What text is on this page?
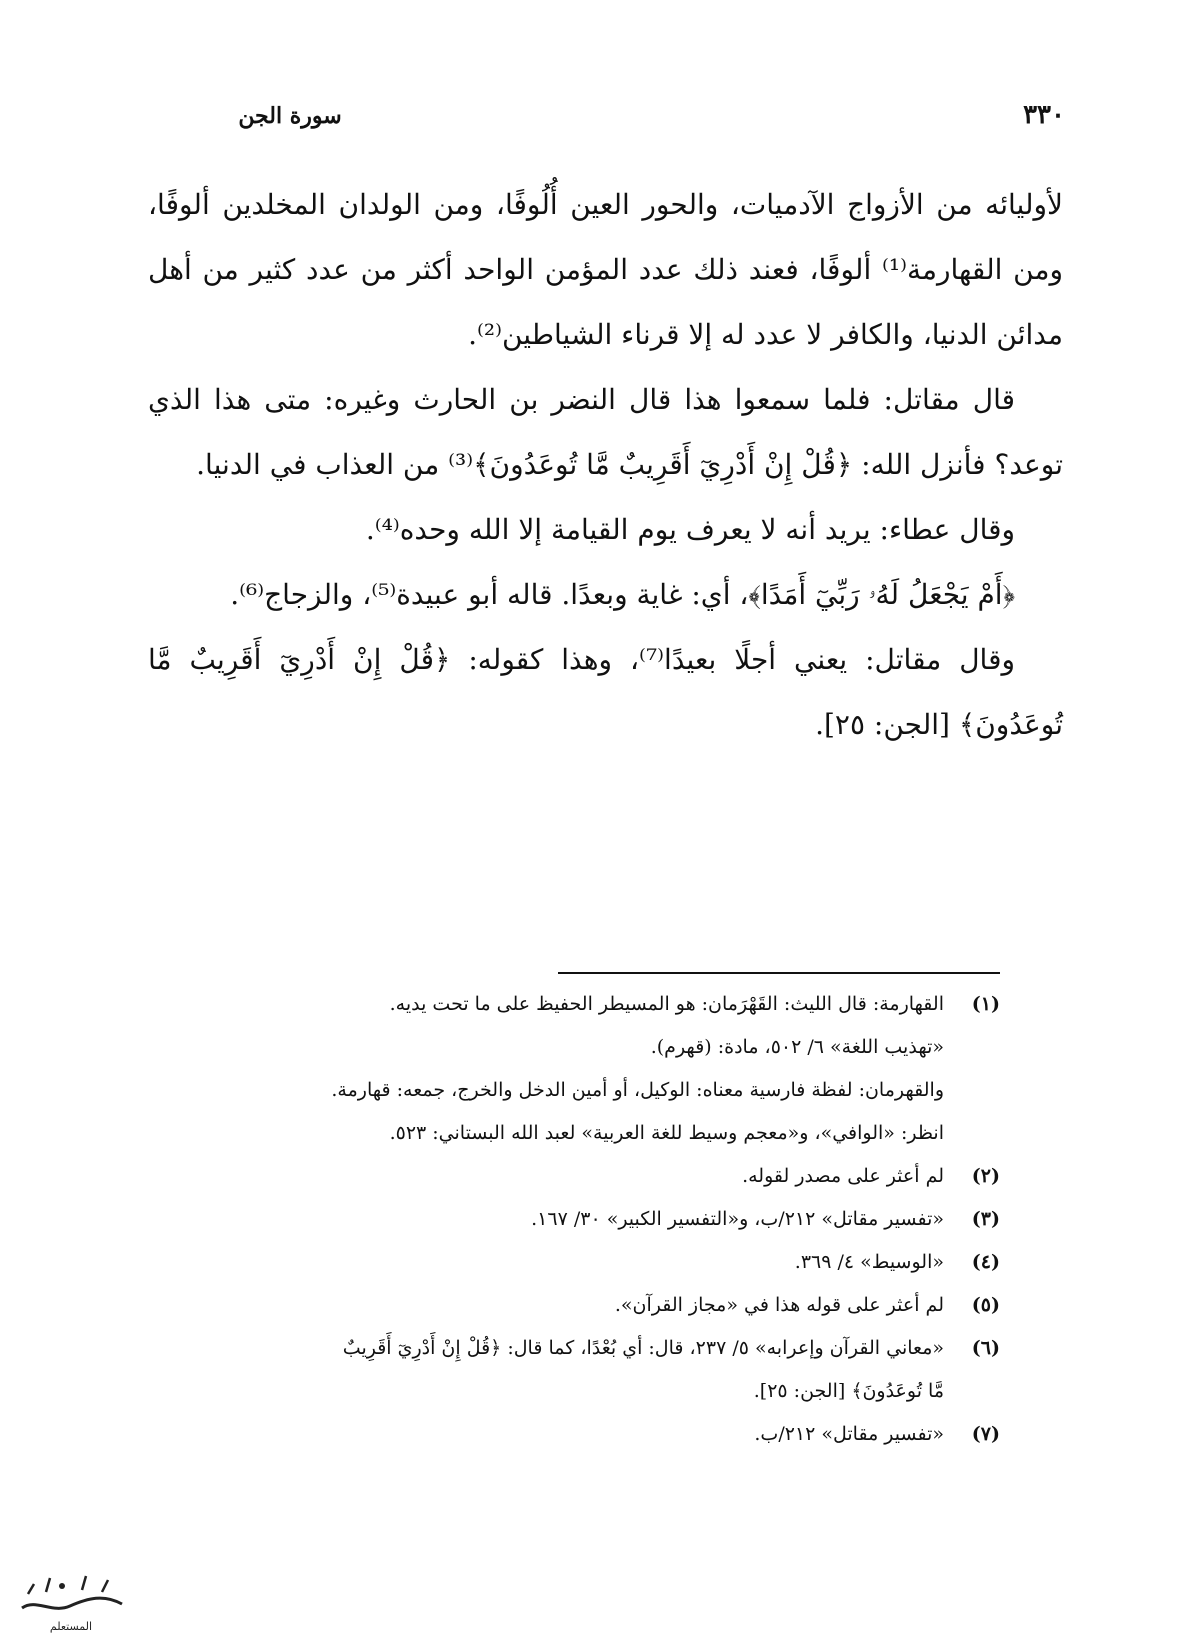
٣٣٠
سورة الجن

لأوليائه من الأزواج الآدميات، والحور العين أُلُوفًا، ومن الولدان المخلدين ألوفًا، ومن القهارمة⁽¹⁾ ألوفًا، فعند ذلك عدد المؤمن الواحد أكثر من عدد كثير من أهل مدائن الدنيا، والكافر لا عدد له إلا قرناء الشياطين⁽²⁾.

قال مقاتل: فلما سمعوا هذا قال النضر بن الحارث وغيره: متى هذا الذي توعد؟ فأنزل الله: ﴿قُلْ إِنْ أَدْرِيٓ أَقَرِيبٌ مَّا تُوعَدُونَ﴾⁽³⁾ من العذاب في الدنيا.

وقال عطاء: يريد أنه لا يعرف يوم القيامة إلا الله وحده⁽⁴⁾.

﴿أَمْ يَجْعَلُ لَهُۥ رَبِّيٓ أَمَدًا﴾، أي: غاية وبعدًا. قاله أبو عبيدة⁽⁵⁾، والزجاج⁽⁶⁾.

وقال مقاتل: يعني أجلًا بعيدًا⁽⁷⁾، وهذا كقوله: ﴿قُلْ إِنْ أَدْرِيٓ أَقَرِيبٌ مَّا تُوعَدُونَ﴾ [الجن: ٢٥].

(١)
القهارمة: قال الليث: القَهْرَمان: هو المسيطر الحفيظ على ما تحت يديه.
«تهذيب اللغة» ٦/ ٥٠٢، مادة: (قهرم).
والقهرمان: لفظة فارسية معناه: الوكيل، أو أمين الدخل والخرج، جمعه: قهارمة.
انظر: «الوافي»، و«معجم وسيط للغة العربية» لعبد الله البستاني: ٥٢٣.
(٢)
لم أعثر على مصدر لقوله.
(٣)
«تفسير مقاتل» ٢١٢/ب، و«التفسير الكبير» ٣٠/ ١٦٧.
(٤)
«الوسيط» ٤/ ٣٦٩.
(٥)
لم أعثر على قوله هذا في «مجاز القرآن».
(٦)
«معاني القرآن وإعرابه» ٥/ ٢٣٧، قال: أي بُعْدًا، كما قال: ﴿قُلْ إِنْ أَدْرِيٓ أَقَرِيبٌ
مَّا تُوعَدُونَ﴾ [الجن: ٢٥].
(٧)
«تفسير مقاتل» ٢١٢/ب.
المستعلم
